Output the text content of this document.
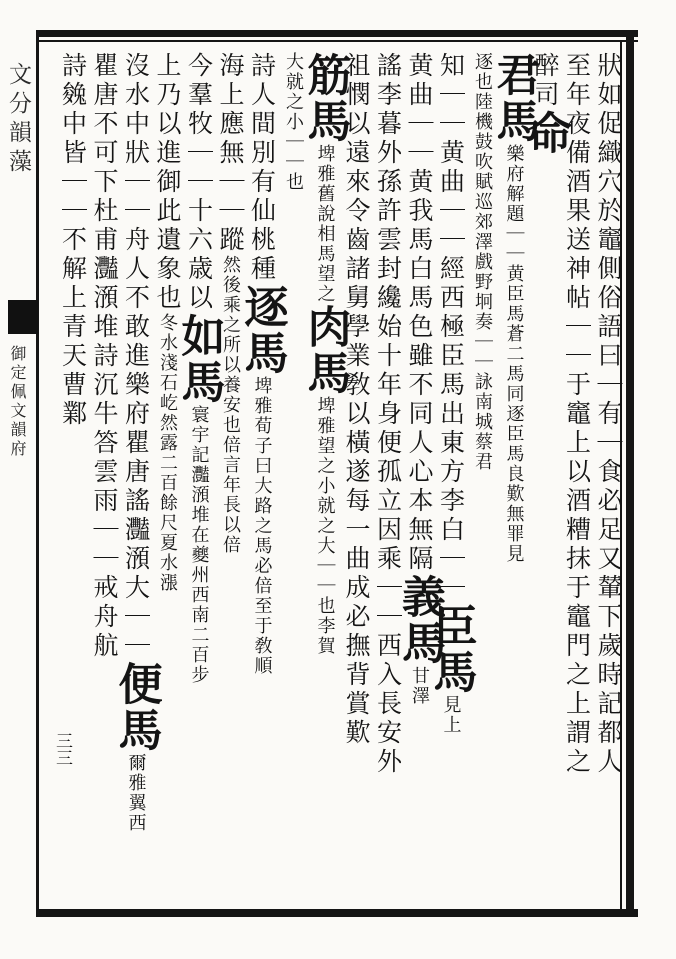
文分韻藻
御定佩文韻府
三三	狀如促織穴於竈側俗語曰｜有｜食必足又輦下歲時記都人
至年夜備酒果送神帖｜｜于竈上以酒糟抹于竈門之上謂之
醉司命
君馬樂府解題｜｜黄臣馬蒼二馬同逐臣馬良歎無罪見
逐也陸機鼓吹賦巡郊澤戲野坰奏｜｜詠南城蔡君
知｜｜黄曲｜｜經西極臣馬出東方李白｜｜臣馬見上
黄曲｜｜黄我馬白馬色雖不同人心本無隔義馬甘澤
謠李暮外孫許雲封纔始十年身便孤立因乘｜｜西入長安外
祖憫以遠來令齒諸舅學業敎以橫遂每一曲成必撫背賞歎
筋馬埤雅舊說相馬望之肉馬埤雅望之小就之大｜｜也李賀
大就之小｜｜也
詩人間別有仙桃種逐馬埤雅荀子曰大路之馬必倍至于敎順
海上應無｜｜蹤然後乘之所以養安也倍言年長以倍
今羣牧｜｜十六歳以如馬寰宇記灩澦堆在夔州西南二百步
上乃以進御此遺象也冬水淺石屹然露二百餘尺夏水漲
沒水中狀｜｜舟人不敢進樂府瞿唐謠灩澦大｜｜便馬爾雅翼西
瞿唐不可下杜甫灩澦堆詩沉牛答雲雨｜｜戒舟航
詩㕙中皆｜｜不解上青天曹鄴
